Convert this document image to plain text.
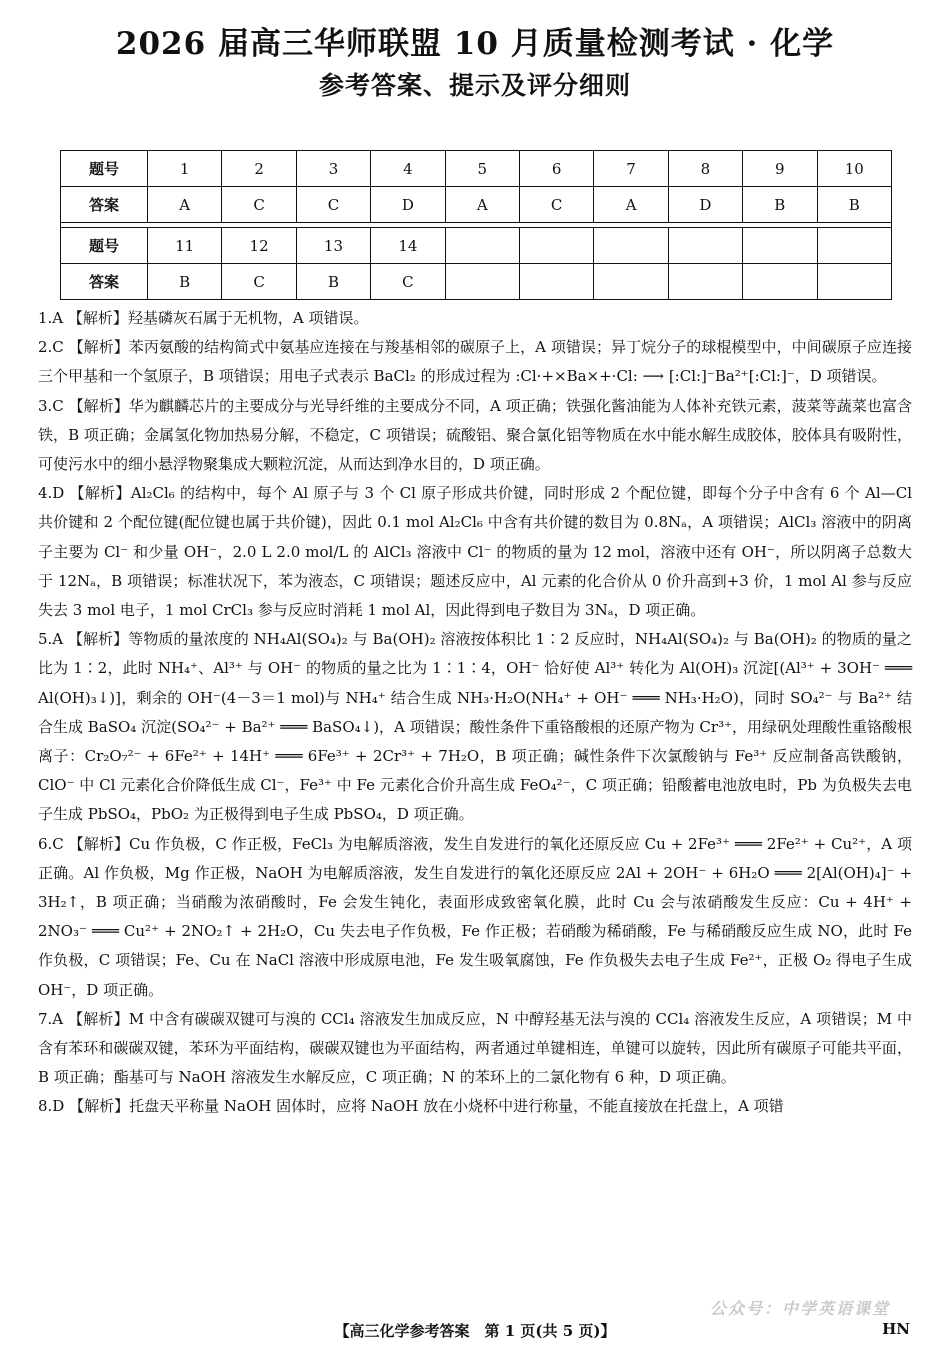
2026 届高三华师联盟 10 月质量检测考试 · 化学
参考答案、提示及评分细则
题号	1	2	3	4	5	6	7	8	9	10
答案	A	C	C	D	A	C	A	D	B	B

题号	11	12	13	14						
答案	B	C	B	C						

1.A 【解析】羟基磷灰石属于无机物，A 项错误。

2.C 【解析】苯丙氨酸的结构简式中氨基应连接在与羧基相邻的碳原子上，A 项错误；异丁烷分子的球棍模型中，中间碳原子应连接三个甲基和一个氢原子，B 项错误；用电子式表示 BaCl₂ 的形成过程为 :Cl·+×Ba×+·Cl: ⟶ [:Cl:]⁻Ba²⁺[:Cl:]⁻，D 项错误。

3.C 【解析】华为麒麟芯片的主要成分与光导纤维的主要成分不同，A 项正确；铁强化酱油能为人体补充铁元素，菠菜等蔬菜也富含铁，B 项正确；金属氢化物加热易分解，不稳定，C 项错误；硫酸铝、聚合氯化铝等物质在水中能水解生成胶体，胶体具有吸附性，可使污水中的细小悬浮物聚集成大颗粒沉淀，从而达到净水目的，D 项正确。

4.D 【解析】Al₂Cl₆ 的结构中，每个 Al 原子与 3 个 Cl 原子形成共价键，同时形成 2 个配位键，即每个分子中含有 6 个 Al—Cl 共价键和 2 个配位键(配位键也属于共价键)，因此 0.1 mol Al₂Cl₆ 中含有共价键的数目为 0.8Nₐ，A 项错误；AlCl₃ 溶液中的阴离子主要为 Cl⁻ 和少量 OH⁻，2.0 L 2.0 mol/L 的 AlCl₃ 溶液中 Cl⁻ 的物质的量为 12 mol，溶液中还有 OH⁻，所以阴离子总数大于 12Nₐ，B 项错误；标准状况下，苯为液态，C 项错误；题述反应中，Al 元素的化合价从 0 价升高到+3 价，1 mol Al 参与反应失去 3 mol 电子，1 mol CrCl₃ 参与反应时消耗 1 mol Al，因此得到电子数目为 3Nₐ，D 项正确。

5.A 【解析】等物质的量浓度的 NH₄Al(SO₄)₂ 与 Ba(OH)₂ 溶液按体积比 1∶2 反应时，NH₄Al(SO₄)₂ 与 Ba(OH)₂ 的物质的量之比为 1∶2，此时 NH₄⁺、Al³⁺ 与 OH⁻ 的物质的量之比为 1∶1∶4，OH⁻ 恰好使 Al³⁺ 转化为 Al(OH)₃ 沉淀[(Al³⁺ + 3OH⁻ ═══ Al(OH)₃↓)]，剩余的 OH⁻(4－3＝1 mol)与 NH₄⁺ 结合生成 NH₃·H₂O(NH₄⁺ + OH⁻ ═══ NH₃·H₂O)，同时 SO₄²⁻ 与 Ba²⁺ 结合生成 BaSO₄ 沉淀(SO₄²⁻ + Ba²⁺ ═══ BaSO₄↓)，A 项错误；酸性条件下重铬酸根的还原产物为 Cr³⁺，用绿矾处理酸性重铬酸根离子：Cr₂O₇²⁻ + 6Fe²⁺ + 14H⁺ ═══ 6Fe³⁺ + 2Cr³⁺ + 7H₂O，B 项正确；碱性条件下次氯酸钠与 Fe³⁺ 反应制备高铁酸钠，ClO⁻ 中 Cl 元素化合价降低生成 Cl⁻，Fe³⁺ 中 Fe 元素化合价升高生成 FeO₄²⁻，C 项正确；铅酸蓄电池放电时，Pb 为负极失去电子生成 PbSO₄，PbO₂ 为正极得到电子生成 PbSO₄，D 项正确。

6.C 【解析】Cu 作负极，C 作正极，FeCl₃ 为电解质溶液，发生自发进行的氧化还原反应 Cu + 2Fe³⁺ ═══ 2Fe²⁺ + Cu²⁺，A 项正确。Al 作负极，Mg 作正极，NaOH 为电解质溶液，发生自发进行的氧化还原反应 2Al + 2OH⁻ + 6H₂O ═══ 2[Al(OH)₄]⁻ + 3H₂↑，B 项正确；当硝酸为浓硝酸时，Fe 会发生钝化，表面形成致密氧化膜，此时 Cu 会与浓硝酸发生反应：Cu + 4H⁺ + 2NO₃⁻ ═══ Cu²⁺ + 2NO₂↑ + 2H₂O，Cu 失去电子作负极，Fe 作正极；若硝酸为稀硝酸，Fe 与稀硝酸反应生成 NO，此时 Fe 作负极，C 项错误；Fe、Cu 在 NaCl 溶液中形成原电池，Fe 发生吸氧腐蚀，Fe 作负极失去电子生成 Fe²⁺，正极 O₂ 得电子生成 OH⁻，D 项正确。

7.A 【解析】M 中含有碳碳双键可与溴的 CCl₄ 溶液发生加成反应，N 中醇羟基无法与溴的 CCl₄ 溶液发生反应，A 项错误；M 中含有苯环和碳碳双键，苯环为平面结构，碳碳双键也为平面结构，两者通过单键相连，单键可以旋转，因此所有碳原子可能共平面，B 项正确；酯基可与 NaOH 溶液发生水解反应，C 项正确；N 的苯环上的二氯化物有 6 种，D 项正确。

8.D 【解析】托盘天平称量 NaOH 固体时，应将 NaOH 放在小烧杯中进行称量，不能直接放在托盘上，A 项错

公众号：中学英语课堂
【高三化学参考答案　第 1 页(共 5 页)】	HN
